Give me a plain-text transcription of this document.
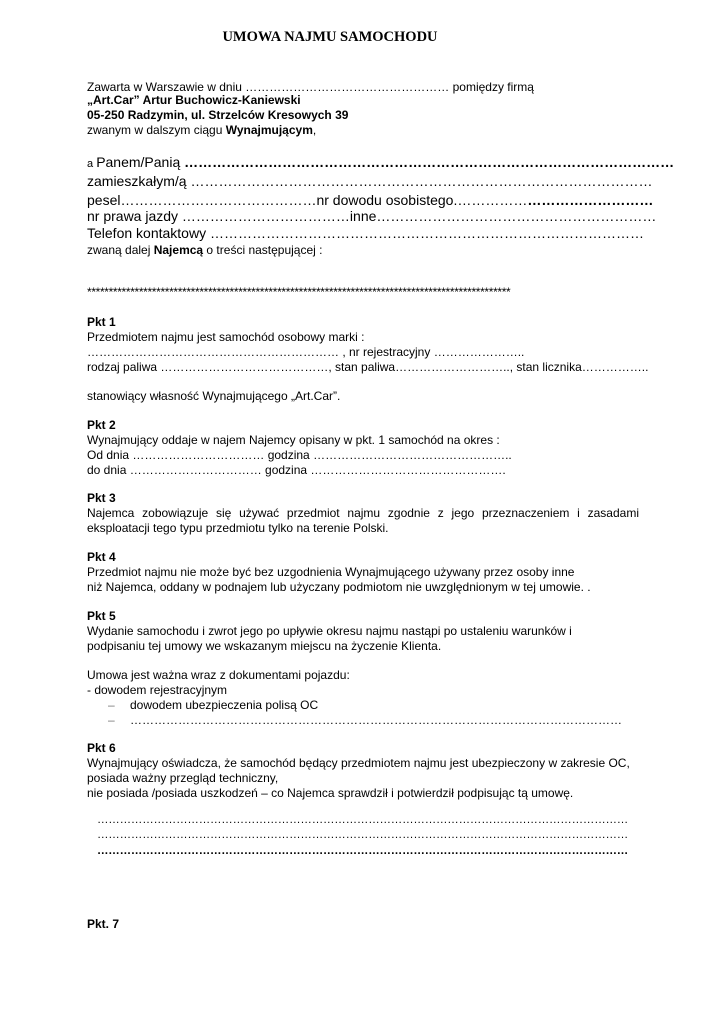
UMOWA NAJMU SAMOCHODU
Zawarta w Warszawie w dniu …………………………………………… pomiędzy firmą
„Art.Car” Artur Buchowicz-Kaniewski
05-250 Radzymin, ul. Strzelców Kresowych 39
zwanym w dalszym ciągu Wynajmującym,
a Panem/Panią ……………………………………………………………………………………………
zamieszkałym/ą ………………………………………………………………………………………
pesel……………………………………nr dowodu osobistego.……………………………………
nr prawa jazdy ………………………………inne……………………………………………………
Telefon kontaktowy …………………………………………………………………………………
zwaną dalej Najemcą o treści następującej :
**************************************************************************************************
Pkt 1
Przedmiotem najmu jest samochód osobowy marki :
……………………………………………………… , nr rejestracyjny …………………..
rodzaj paliwa ……………………………………, stan paliwa……………………….., stan licznika……………..
stanowiący własność Wynajmującego „Art.Car”.
Pkt 2
Wynajmujący oddaje w najem Najemcy opisany w pkt. 1 samochód na okres :
Od dnia …………………………… godzina …………………………………………..
do dnia …………………………… godzina ………………………………………….
Pkt 3
Najemca zobowiązuje się używać przedmiot najmu zgodnie z jego przeznaczeniem i zasadami
eksploatacji tego typu przedmiotu tylko na terenie Polski.
Pkt 4
Przedmiot najmu nie może być bez uzgodnienia Wynajmującego używany przez osoby inne
niż Najemca, oddany w podnajem lub użyczany podmiotom nie uwzględnionym w tej umowie. .
Pkt 5
Wydanie samochodu i zwrot jego po upływie okresu najmu nastąpi po ustaleniu warunków i
podpisaniu tej umowy we wskazanym miejscu na życzenie Klienta.
Umowa jest ważna wraz z dokumentami pojazdu:
- dowodem rejestracyjnym
– dowodem ubezpieczenia polisą OC
– ……………………………………………………………………………………………………………
Pkt 6
Wynajmujący oświadcza, że samochód będący przedmiotem najmu jest ubezpieczony w zakresie OC,
posiada ważny przegląd techniczny,
nie posiada /posiada uszkodzeń – co Najemca sprawdził i potwierdził podpisując tą umowę.
……………………………………………………………………………………………………………………………
……………………………………………………………………………………………………………………………
……………………………………………………………………………………………………………………………
Pkt. 7
